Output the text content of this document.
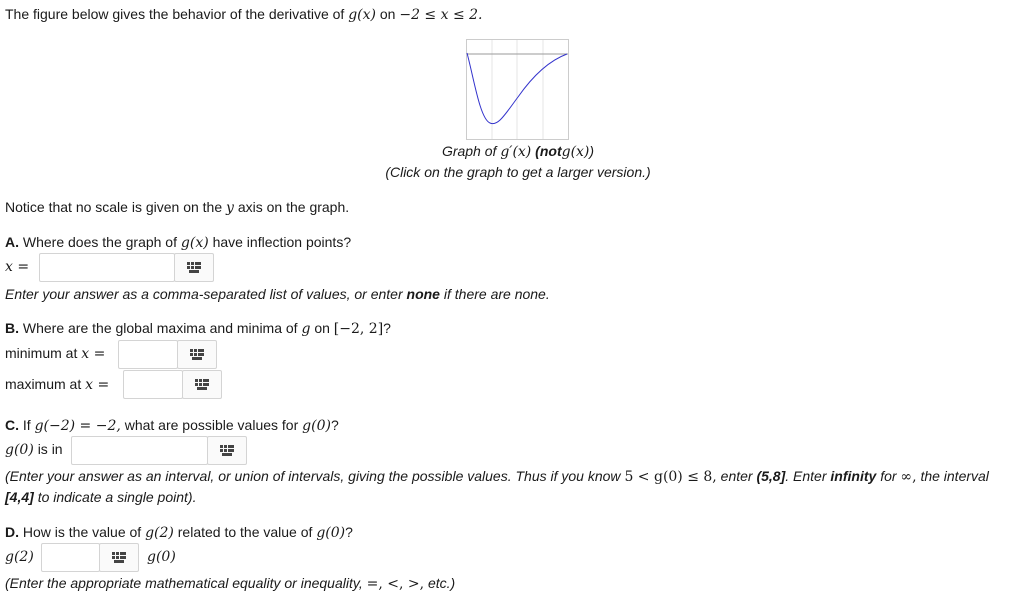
The figure below gives the behavior of the derivative of g(x) on −2 ≤ x ≤ 2.
Graph of g′(x) (notg(x))
(Click on the graph to get a larger version.)
Notice that no scale is given on the y axis on the graph.
A. Where does the graph of g(x) have inflection points?
x =
Enter your answer as a comma-separated list of values, or enter none if there are none.
B. Where are the global maxima and minima of g on [−2, 2]?
minimum at x =
maximum at x =
C. If g(−2) = −2, what are possible values for g(0)?
g(0) is in
(Enter your answer as an interval, or union of intervals, giving the possible values. Thus if you know 5 < g(0) ≤ 8, enter (5,8]. Enter infinity for ∞, the interval
[4,4] to indicate a single point).
D. How is the value of g(2) related to the value of g(0)?
g(2)	g(0)
(Enter the appropriate mathematical equality or inequality, =, <, >, etc.)
